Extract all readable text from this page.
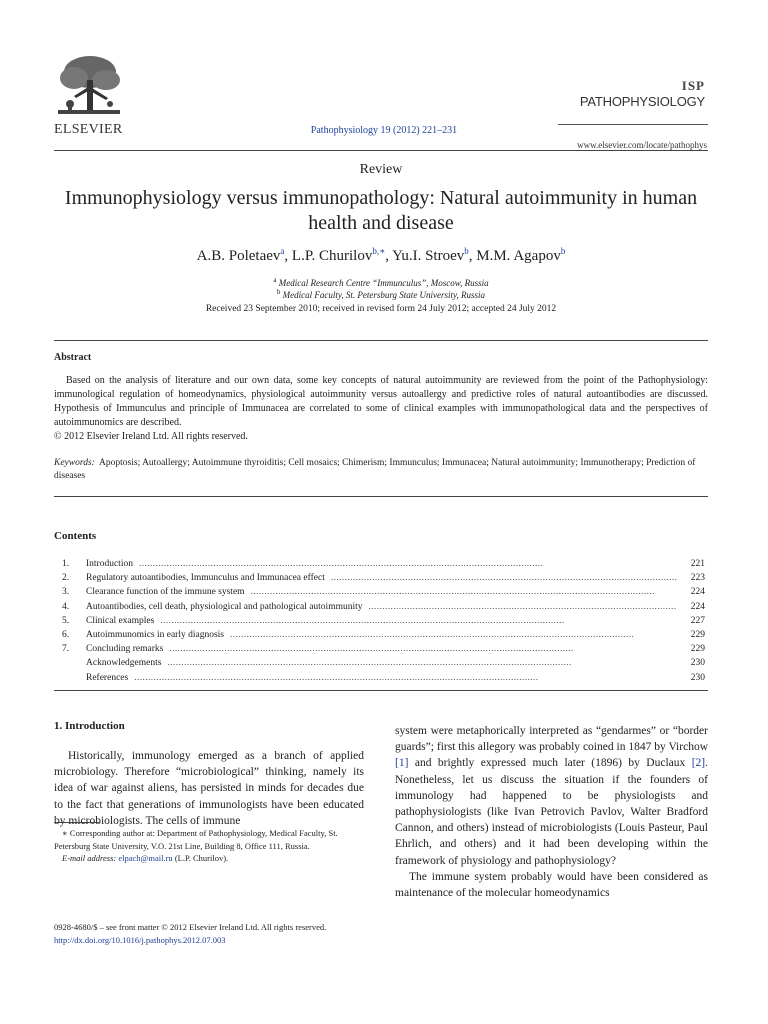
ELSEVIER	Pathophysiology 19 (2012) 221–231
ISP
PATHOPHYSIOLOGY
www.elsevier.com/locate/pathophys
Review
Immunophysiology versus immunopathology: Natural autoimmunity in human health and disease
A.B. Poletaev$^a$, L.P. Churilov$^{b,∗}$, Yu.I. Stroev$^b$, M.M. Agapov$^b$
$^a$ Medical Research Centre “Immunculus”, Moscow, Russia
$^b$ Medical Faculty, St. Petersburg State University, Russia
Received 23 September 2010; received in revised form 24 July 2012; accepted 24 July 2012
Abstract

Based on the analysis of literature and our own data, some key concepts of natural autoimmunity are reviewed from the point of the Pathophysiology: immunological regulation of homeodynamics, physiological autoimmunity versus autoallergy and predictive roles of natural autoantibodies are discussed. Hypothesis of Immunculus and principle of Immunacea are correlated to some of clinical examples with immunopathological data and the perspectives of autoimmunomics are described.

© 2012 Elsevier Ireland Ltd. All rights reserved.
Keywords: Apoptosis; Autoallergy; Autoimmune thyroiditis; Cell mosaics; Chimerism; Immunculus; Immunacea; Natural autoimmunity; Immunotherapy; Prediction of diseases
Contents
1.	Introduction . . .	221
2.	Regulatory autoantibodies, Immunculus and Immunacea effect . . .	223
3.	Clearance function of the immune system . . .	224
4.	Autoantibodies, cell death, physiological and pathological autoimmunity . . .	224
5.	Clinical examples . . .	227
6.	Autoimmunomics in early diagnosis . . .	229
7.	Concluding remarks . . .	229
Acknowledgements . . .	230
References . . .	230
1. Introduction

Historically, immunology emerged as a branch of applied microbiology. Therefore “microbiological” thinking, namely its idea of war against aliens, has persisted in minds for decades due to the fact that generations of immunologists have been educated by microbiologists. The cells of immune

system were metaphorically interpreted as “gendarmes” or “border guards”; first this allegory was probably coined in 1847 by Virchow [1] and brightly expressed much later (1896) by Duclaux [2]. Nonetheless, let us discuss the situation if the founders of immunology had happened to be physiologists and pathophysiologists (like Ivan Petrovich Pavlov, Walter Bradford Cannon, and others) instead of microbiologists (Louis Pasteur, Paul Ehrlich, and others) and it had been developing within the framework of physiology and pathophysiology?

The immune system probably would have been considered as maintenance of the molecular homeodynamics

∗ Corresponding author at: Department of Pathophysiology, Medical Faculty, St. Petersburg State University, V.O. 21st Line, Building 8, Office 111, Russia.

E-mail address: elpach@mail.ru (L.P. Churilov).

0928-4680/$ – see front matter © 2012 Elsevier Ireland Ltd. All rights reserved.
http://dx.doi.org/10.1016/j.pathophys.2012.07.003
